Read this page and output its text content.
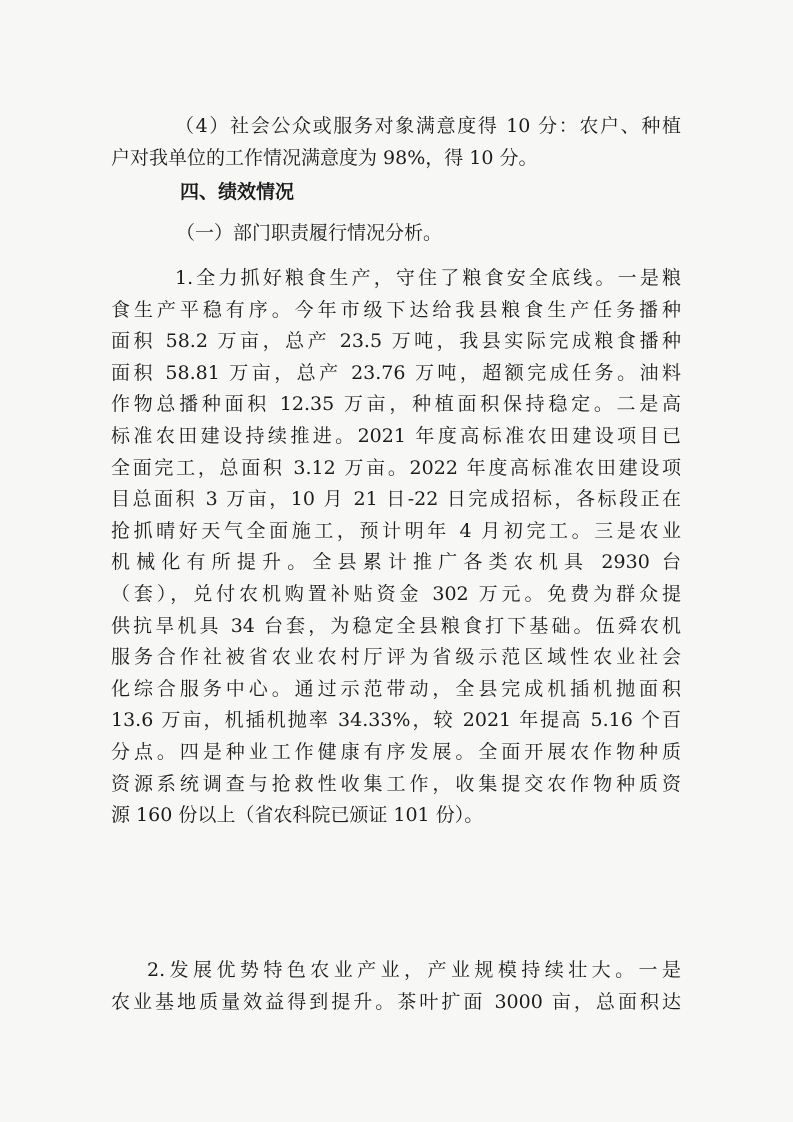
（4）社会公众或服务对象满意度得 10 分：农户、种植
户对我单位的工作情况满意度为 98%，得 10 分。
四、绩效情况
（一）部门职责履行情况分析。
1.全力抓好粮食生产，守住了粮食安全底线。一是粮
食生产平稳有序。今年市级下达给我县粮食生产任务播种
面积 58.2 万亩，总产 23.5 万吨，我县实际完成粮食播种
面积 58.81 万亩，总产 23.76 万吨，超额完成任务。油料
作物总播种面积 12.35 万亩，种植面积保持稳定。二是高
标准农田建设持续推进。2021 年度高标准农田建设项目已
全面完工，总面积 3.12 万亩。2022 年度高标准农田建设项
目总面积 3 万亩，10 月 21 日-22 日完成招标，各标段正在
抢抓晴好天气全面施工，预计明年 4 月初完工。三是农业
机械化有所提升。全县累计推广各类农机具 2930 台
（套），兑付农机购置补贴资金 302 万元。免费为群众提
供抗旱机具 34 台套，为稳定全县粮食打下基础。伍舜农机
服务合作社被省农业农村厅评为省级示范区域性农业社会
化综合服务中心。通过示范带动，全县完成机插机抛面积
13.6 万亩，机插机抛率 34.33%，较 2021 年提高 5.16 个百
分点。四是种业工作健康有序发展。全面开展农作物种质
资源系统调查与抢救性收集工作，收集提交农作物种质资
源 160 份以上（省农科院已颁证 101 份）。
2.发展优势特色农业产业，产业规模持续壮大。一是
农业基地质量效益得到提升。茶叶扩面 3000 亩，总面积达
